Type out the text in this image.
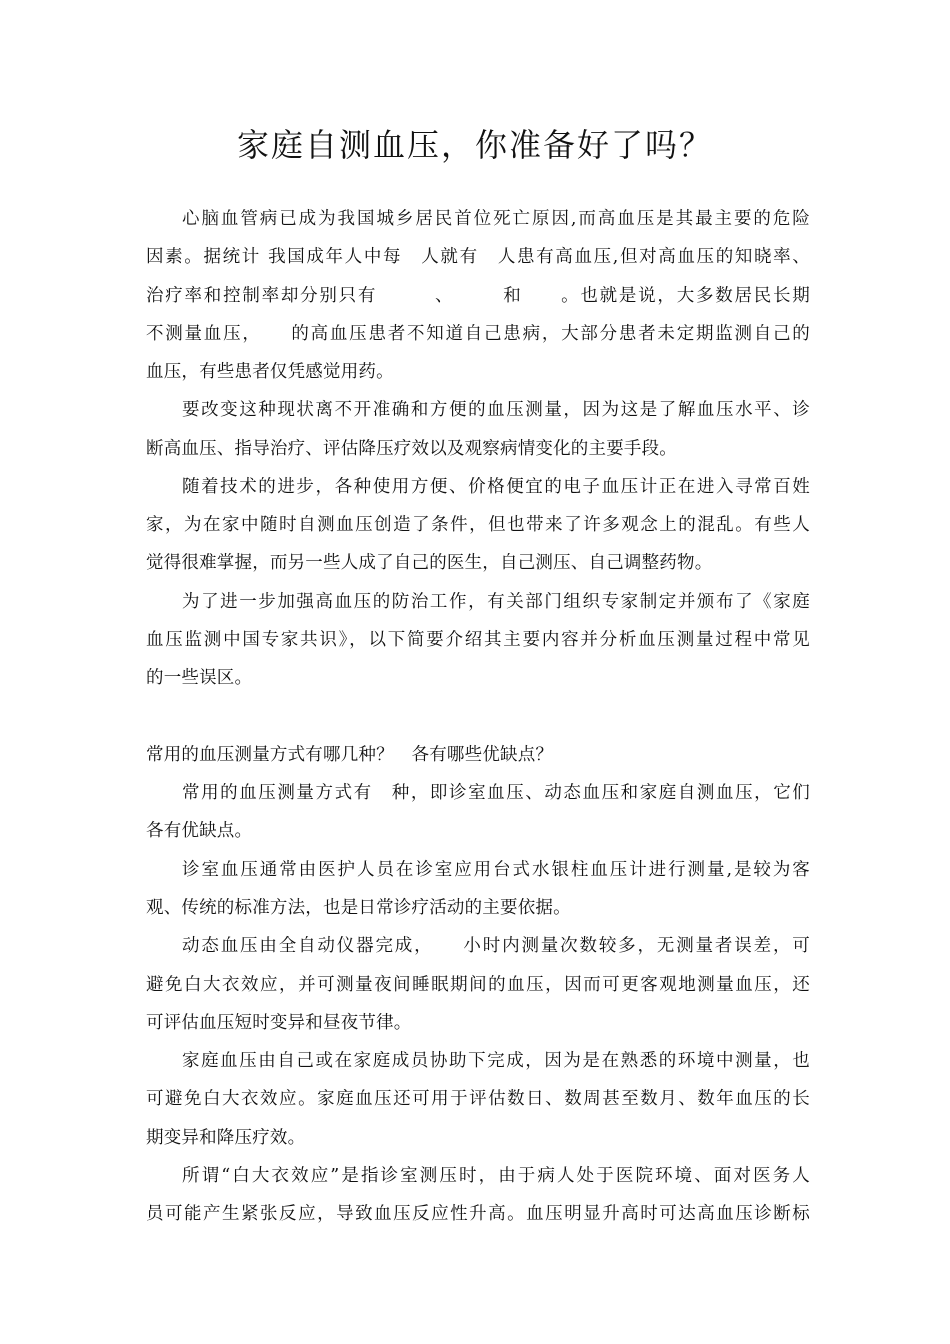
家庭自测血压，你准备好了吗？
心脑血管病已成为我国城乡居民首位死亡原因,而高血压是其最主要的危险
因素。据统计 我国成年人中每　人就有　人患有高血压,但对高血压的知晓率、
治疗率和控制率却分别只有　　　、　　　和　　。也就是说，大多数居民长期
不测量血压，　　的高血压患者不知道自己患病，大部分患者未定期监测自己的
血压，有些患者仅凭感觉用药。
要改变这种现状离不开准确和方便的血压测量，因为这是了解血压水平、诊
断高血压、指导治疗、评估降压疗效以及观察病情变化的主要手段。
随着技术的进步，各种使用方便、价格便宜的电子血压计正在进入寻常百姓
家，为在家中随时自测血压创造了条件，但也带来了许多观念上的混乱。有些人
觉得很难掌握，而另一些人成了自己的医生，自己测压、自己调整药物。
为了进一步加强高血压的防治工作，有关部门组织专家制定并颁布了《家庭
血压监测中国专家共识》，以下简要介绍其主要内容并分析血压测量过程中常见
的一些误区。
常用的血压测量方式有哪几种？　各有哪些优缺点？
常用的血压测量方式有　种，即诊室血压、动态血压和家庭自测血压，它们
各有优缺点。
诊室血压通常由医护人员在诊室应用台式水银柱血压计进行测量,是较为客
观、传统的标准方法，也是日常诊疗活动的主要依据。
动态血压由全自动仪器完成，　　小时内测量次数较多，无测量者误差，可
避免白大衣效应，并可测量夜间睡眠期间的血压，因而可更客观地测量血压，还
可评估血压短时变异和昼夜节律。
家庭血压由自己或在家庭成员协助下完成，因为是在熟悉的环境中测量，也
可避免白大衣效应。家庭血压还可用于评估数日、数周甚至数月、数年血压的长
期变异和降压疗效。
所谓“白大衣效应”是指诊室测压时，由于病人处于医院环境、面对医务人
员可能产生紧张反应，导致血压反应性升高。血压明显升高时可达高血压诊断标
